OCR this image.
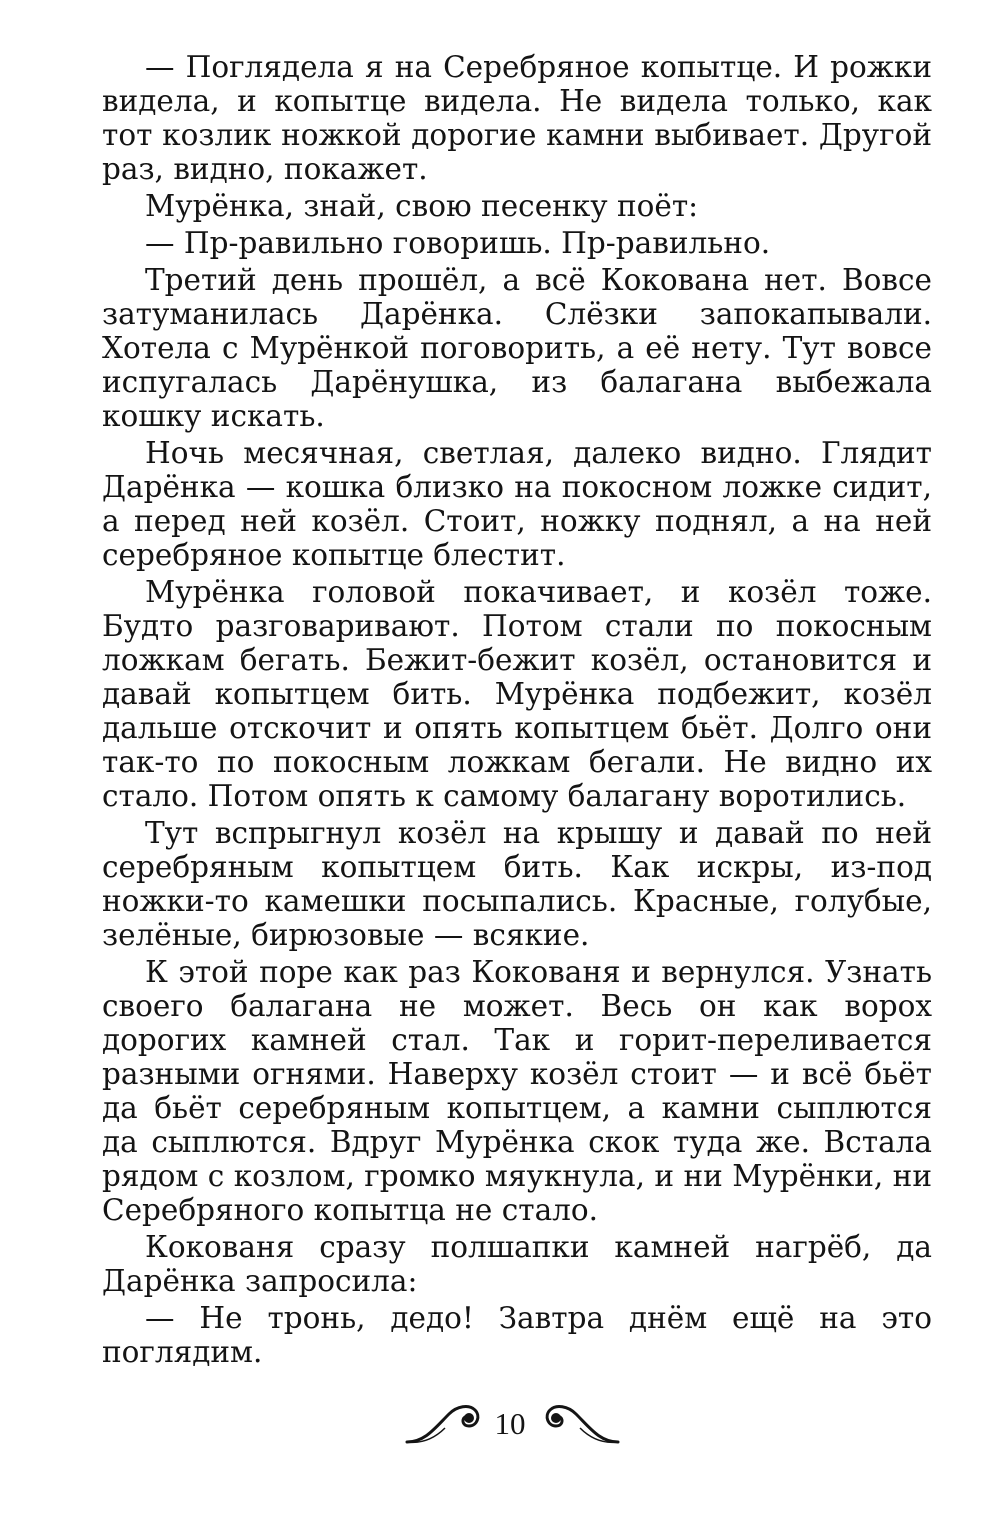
— Поглядела я на Серебряное копытце. И рожки видела, и копытце видела. Не видела только, как тот козлик ножкой дорогие камни выбивает. Другой раз, видно, покажет.

Мурёнка, знай, свою песенку поёт:

— Пр-равильно говоришь. Пр-равильно.

Третий день прошёл, а всё Кокована нет. Вовсе затуманилась Дарёнка. Слёзки запокапывали. Хотела с Мурёнкой поговорить, а её нету. Тут вовсе испугалась Дарёнушка, из балагана выбежала кошку искать.

Ночь месячная, светлая, далеко видно. Глядит Дарёнка — кошка близко на покосном ложке сидит, а перед ней козёл. Стоит, ножку поднял, а на ней серебряное копытце блестит.

Мурёнка головой покачивает, и козёл тоже. Будто разговаривают. Потом стали по покосным ложкам бегать. Бежит-бежит козёл, остановится и давай копытцем бить. Мурёнка подбежит, козёл дальше отскочит и опять копытцем бьёт. Долго они так-то по покосным ложкам бегали. Не видно их стало. Потом опять к самому балагану воротились.

Тут вспрыгнул козёл на крышу и давай по ней серебряным копытцем бить. Как искры, из-под ножки-то камешки посыпались. Красные, голубые, зелёные, бирюзовые — всякие.

К этой поре как раз Кокованя и вернулся. Узнать своего балагана не может. Весь он как ворох дорогих камней стал. Так и горит-переливается разными огнями. Наверху козёл стоит — и всё бьёт да бьёт серебряным копытцем, а камни сыплются да сыплются. Вдруг Мурёнка скок туда же. Встала рядом с козлом, громко мяукнула, и ни Мурёнки, ни Серебряного копытца не стало.

Кокованя сразу полшапки камней нагрёб, да Дарёнка запросила:

— Не тронь, дедо! Завтра днём ещё на это поглядим.

10
